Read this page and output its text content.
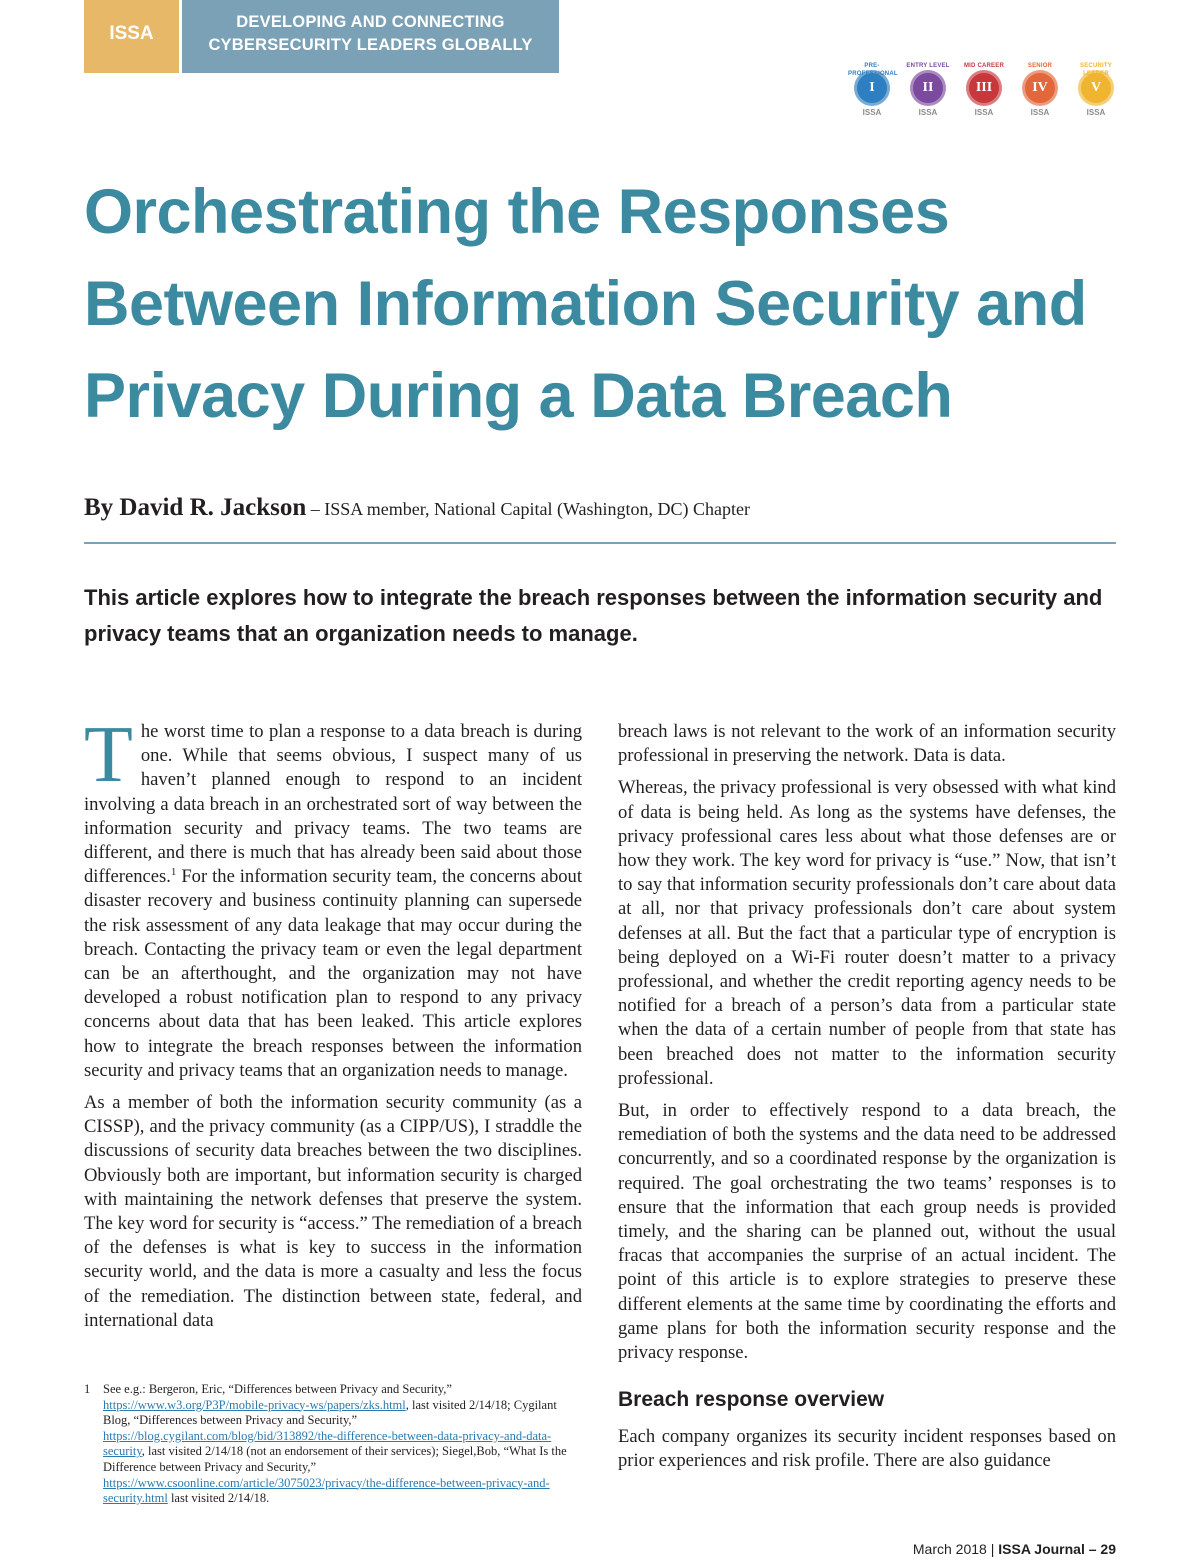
ISSA
DEVELOPING AND CONNECTING
CYBERSECURITY LEADERS GLOBALLY
PRE-PROFESSIONAL
I
ISSA
ENTRY LEVEL
II
ISSA
MID CAREER
III
ISSA
SENIOR
IV
ISSA
SECURITY LEADER
V
ISSA
Orchestrating the Responses Between Information Security and Privacy During a Data Breach
By David R. Jackson – ISSA member, National Capital (Washington, DC) Chapter

This article explores how to integrate the breach responses between the information security and privacy teams that an organization needs to manage.

The worst time to plan a response to a data breach is during one. While that seems obvious, I suspect many of us haven’t planned enough to respond to an incident involving a data breach in an orchestrated sort of way between the information security and privacy teams. The two teams are different, and there is much that has already been said about those differences.$^1$ For the information security team, the concerns about disaster recovery and business continuity planning can supersede the risk assessment of any data leakage that may occur during the breach. Contacting the privacy team or even the legal department can be an afterthought, and the organization may not have developed a robust notification plan to respond to any privacy concerns about data that has been leaked. This article explores how to integrate the breach responses between the information security and privacy teams that an organization needs to manage.

As a member of both the information security community (as a CISSP), and the privacy community (as a CIPP/US), I straddle the discussions of security data breaches between the two disciplines. Obviously both are important, but information security is charged with maintaining the network defenses that preserve the system. The key word for security is “access.” The remediation of a breach of the defenses is what is key to success in the information security world, and the data is more a casualty and less the focus of the remediation. The distinction between state, federal, and international data

breach laws is not relevant to the work of an information security professional in preserving the network. Data is data.

Whereas, the privacy professional is very obsessed with what kind of data is being held. As long as the systems have defenses, the privacy professional cares less about what those defenses are or how they work. The key word for privacy is “use.” Now, that isn’t to say that information security professionals don’t care about data at all, nor that privacy professionals don’t care about system defenses at all. But the fact that a particular type of encryption is being deployed on a Wi-Fi router doesn’t matter to a privacy professional, and whether the credit reporting agency needs to be notified for a breach of a person’s data from a particular state when the data of a certain number of people from that state has been breached does not matter to the information security professional.

But, in order to effectively respond to a data breach, the remediation of both the systems and the data need to be addressed concurrently, and so a coordinated response by the organization is required. The goal orchestrating the two teams’ responses is to ensure that the information that each group needs is provided timely, and the sharing can be planned out, without the usual fracas that accompanies the surprise of an actual incident. The point of this article is to explore strategies to preserve these different elements at the same time by coordinating the efforts and game plans for both the information security response and the privacy response.

Breach response overview

Each company organizes its security incident responses based on prior experiences and risk profile. There are also guidance

1	See e.g.: Bergeron, Eric, “Differences between Privacy and Security,” https://www.w3.org/P3P/mobile-privacy-ws/papers/zks.html, last visited 2/14/18; Cygilant Blog, “Differences between Privacy and Security,” https://blog.cygilant.com/blog/bid/313892/the-difference-between-data-privacy-and-data-security, last visited 2/14/18 (not an endorsement of their services); Siegel,Bob, “What Is the Difference between Privacy and Security,” https://www.csoonline.com/article/3075023/privacy/the-difference-between-privacy-and-security.html last visited 2/14/18.
March 2018 | ISSA Journal – 29
